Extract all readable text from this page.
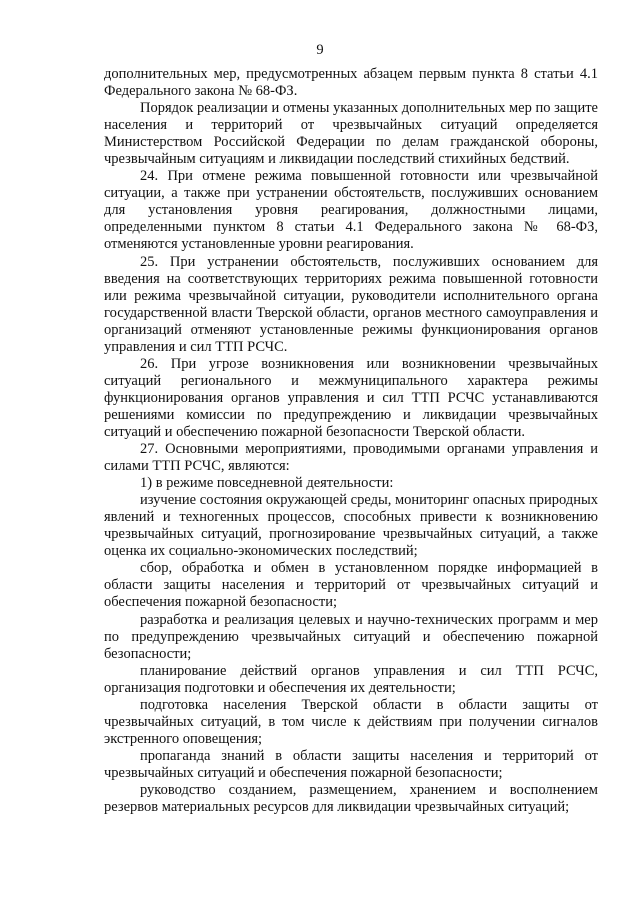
9

дополнительных мер, предусмотренных абзацем первым пункта 8 статьи 4.1 Федерального закона № 68-ФЗ.

Порядок реализации и отмены указанных дополнительных мер по защите населения и территорий от чрезвычайных ситуаций определяется Министерством Российской Федерации по делам гражданской обороны, чрезвычайным ситуациям и ликвидации последствий стихийных бедствий.

24. При отмене режима повышенной готовности или чрезвычайной ситуации, а также при устранении обстоятельств, послуживших основанием для установления уровня реагирования, должностными лицами, определенными пунктом 8 статьи 4.1 Федерального закона № 68-ФЗ, отменяются установленные уровни реагирования.

25. При устранении обстоятельств, послуживших основанием для введения на соответствующих территориях режима повышенной готовности или режима чрезвычайной ситуации, руководители исполнительного органа государственной власти Тверской области, органов местного самоуправления и организаций отменяют установленные режимы функционирования органов управления и сил ТТП РСЧС.

26. При угрозе возникновения или возникновении чрезвычайных ситуаций регионального и межмуниципального характера режимы функционирования органов управления и сил ТТП РСЧС устанавливаются решениями комиссии по предупреждению и ликвидации чрезвычайных ситуаций и обеспечению пожарной безопасности Тверской области.

27. Основными мероприятиями, проводимыми органами управления и силами ТТП РСЧС, являются:

1) в режиме повседневной деятельности:

изучение состояния окружающей среды, мониторинг опасных природных явлений и техногенных процессов, способных привести к возникновению чрезвычайных ситуаций, прогнозирование чрезвычайных ситуаций, а также оценка их социально-экономических последствий;

сбор, обработка и обмен в установленном порядке информацией в области защиты населения и территорий от чрезвычайных ситуаций и обеспечения пожарной безопасности;

разработка и реализация целевых и научно-технических программ и мер по предупреждению чрезвычайных ситуаций и обеспечению пожарной безопасности;

планирование действий органов управления и сил ТТП РСЧС, организация подготовки и обеспечения их деятельности;

подготовка населения Тверской области в области защиты от чрезвычайных ситуаций, в том числе к действиям при получении сигналов экстренного оповещения;

пропаганда знаний в области защиты населения и территорий от чрезвычайных ситуаций и обеспечения пожарной безопасности;

руководство созданием, размещением, хранением и восполнением резервов материальных ресурсов для ликвидации чрезвычайных ситуаций;
